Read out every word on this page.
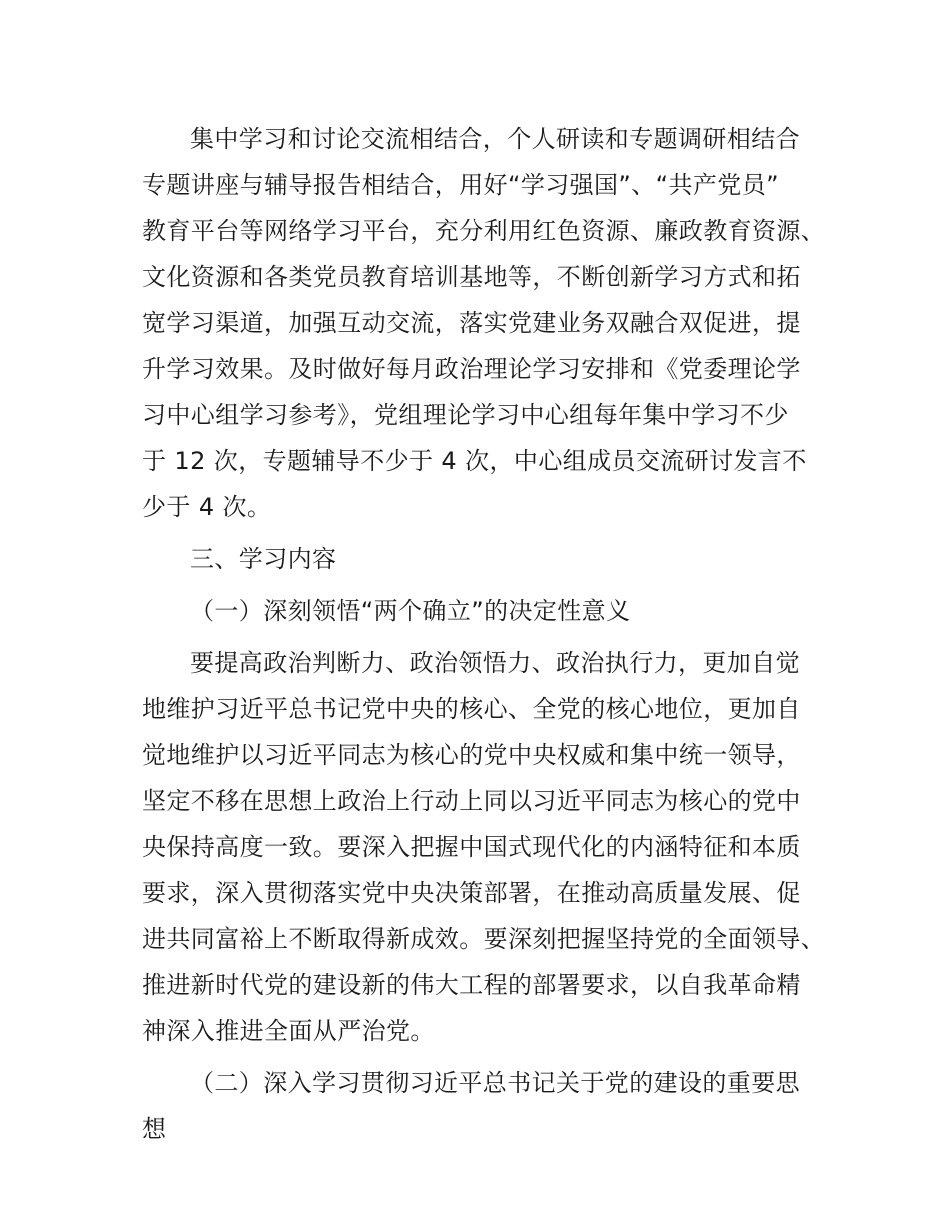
集中学习和讨论交流相结合，个人研读和专题调研相结合
专题讲座与辅导报告相结合，用好“学习强国”、“共产党员”
教育平台等网络学习平台，充分利用红色资源、廉政教育资源、
文化资源和各类党员教育培训基地等，不断创新学习方式和拓
宽学习渠道，加强互动交流，落实党建业务双融合双促进，提
升学习效果。及时做好每月政治理论学习安排和《党委理论学
习中心组学习参考》，党组理论学习中心组每年集中学习不少
于 12 次，专题辅导不少于 4 次，中心组成员交流研讨发言不
少于 4 次。
三、学习内容
（一）深刻领悟“两个确立”的决定性意义
要提高政治判断力、政治领悟力、政治执行力，更加自觉
地维护习近平总书记党中央的核心、全党的核心地位，更加自
觉地维护以习近平同志为核心的党中央权威和集中统一领导，
坚定不移在思想上政治上行动上同以习近平同志为核心的党中
央保持高度一致。要深入把握中国式现代化的内涵特征和本质
要求，深入贯彻落实党中央决策部署，在推动高质量发展、促
进共同富裕上不断取得新成效。要深刻把握坚持党的全面领导、
推进新时代党的建设新的伟大工程的部署要求，以自我革命精
神深入推进全面从严治党。
（二）深入学习贯彻习近平总书记关于党的建设的重要思
想
